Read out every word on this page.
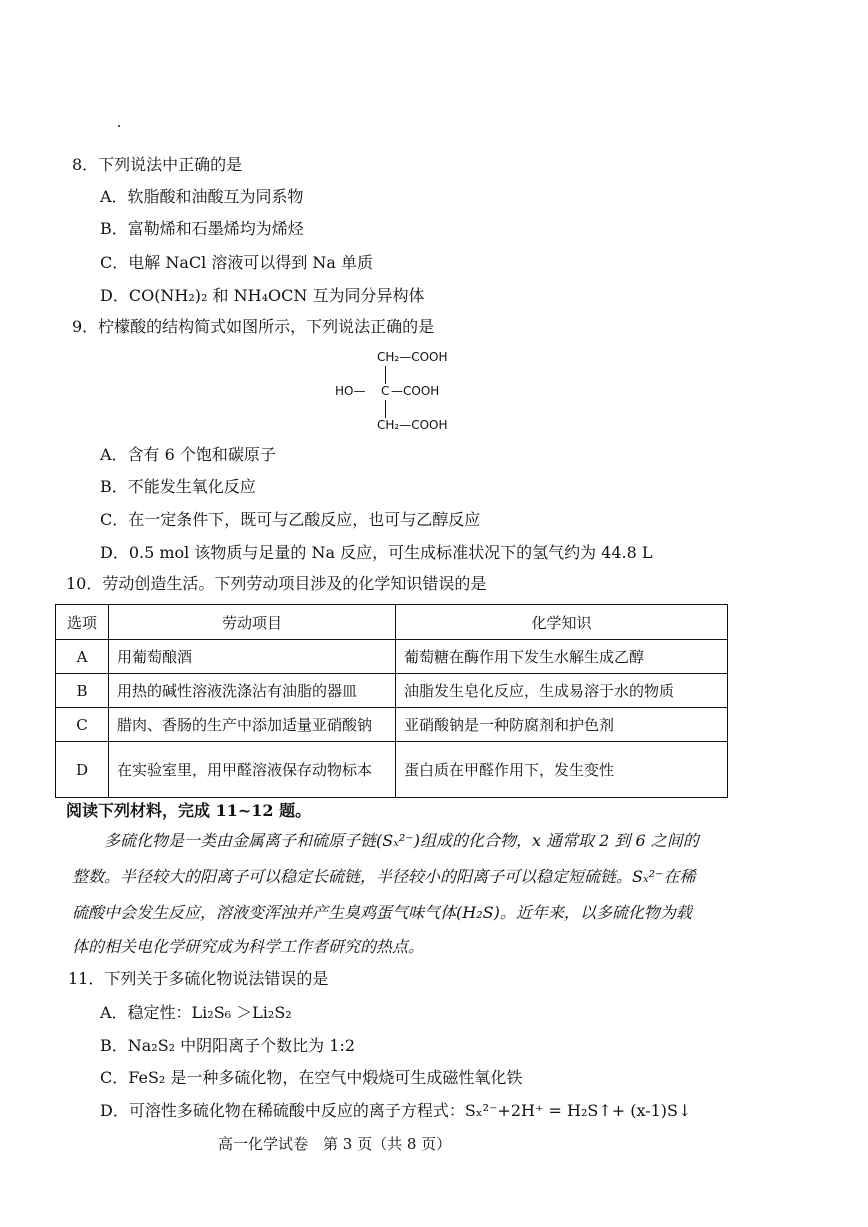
8．下列说法中正确的是
A．软脂酸和油酸互为同系物
B．富勒烯和石墨烯均为烯烃
C．电解 NaCl 溶液可以得到 Na 单质
D．CO(NH₂)₂ 和 NH₄OCN 互为同分异构体
9．柠檬酸的结构简式如图所示，下列说法正确的是
CH₂—COOH
HO— C —COOH
CH₂—COOH
A．含有 6 个饱和碳原子
B．不能发生氧化反应
C．在一定条件下，既可与乙酸反应，也可与乙醇反应
D．0.5 mol 该物质与足量的 Na 反应，可生成标准状况下的氢气约为 44.8 L
10．劳动创造生活。下列劳动项目涉及的化学知识错误的是
选项	劳动项目	化学知识
A	用葡萄酿酒	葡萄糖在酶作用下发生水解生成乙醇
B	用热的碱性溶液洗涤沾有油脂的器皿	油脂发生皂化反应，生成易溶于水的物质
C	腊肉、香肠的生产中添加适量亚硝酸钠	亚硝酸钠是一种防腐剂和护色剂
D	在实验室里，用甲醛溶液保存动物标本	蛋白质在甲醛作用下，发生变性
阅读下列材料，完成 11~12 题。
多硫化物是一类由金属离子和硫原子链(Sₓ²⁻)组成的化合物，x 通常取 2 到 6 之间的
整数。半径较大的阳离子可以稳定长硫链，半径较小的阳离子可以稳定短硫链。Sₓ²⁻在稀
硫酸中会发生反应，溶液变浑浊并产生臭鸡蛋气味气体(H₂S)。近年来，以多硫化物为载
体的相关电化学研究成为科学工作者研究的热点。
11．下列关于多硫化物说法错误的是
A．稳定性：Li₂S₆ ＞Li₂S₂
B．Na₂S₂ 中阴阳离子个数比为 1:2
C．FeS₂ 是一种多硫化物，在空气中煅烧可生成磁性氧化铁
D．可溶性多硫化物在稀硫酸中反应的离子方程式：Sₓ²⁻+2H⁺ = H₂S↑+ (x-1)S↓
高一化学试卷　第 3 页（共 8 页）
